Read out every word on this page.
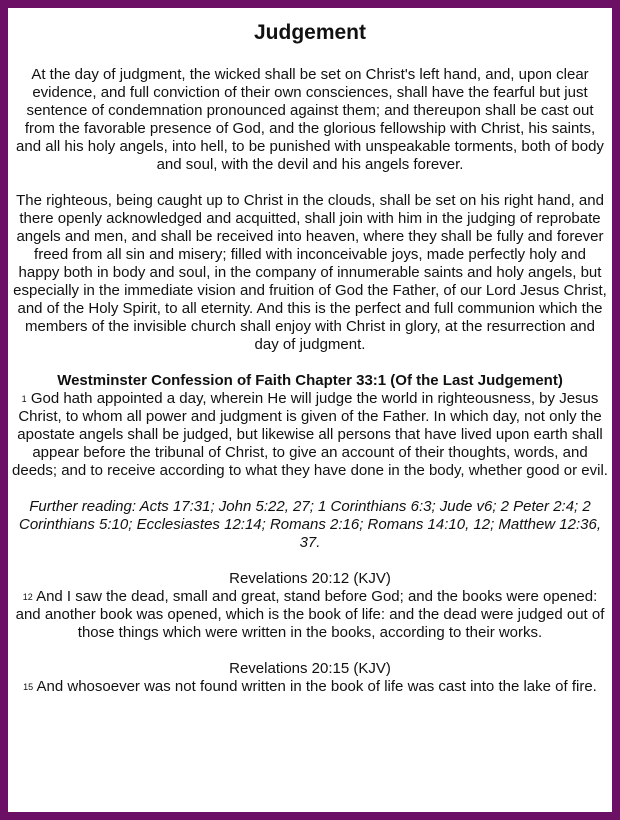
Judgement

At the day of judgment, the wicked shall be set on Christ's left hand, and, upon clear evidence, and full conviction of their own consciences, shall have the fearful but just sentence of condemnation pronounced against them; and thereupon shall be cast out from the favorable presence of God, and the glorious fellowship with Christ, his saints, and all his holy angels, into hell, to be punished with unspeakable torments, both of body and soul, with the devil and his angels forever.

The righteous, being caught up to Christ in the clouds, shall be set on his right hand, and there openly acknowledged and acquitted, shall join with him in the judging of reprobate angels and men, and shall be received into heaven, where they shall be fully and forever freed from all sin and misery; filled with inconceivable joys, made perfectly holy and happy both in body and soul, in the company of innumerable saints and holy angels, but especially in the immediate vision and fruition of God the Father, of our Lord Jesus Christ, and of the Holy Spirit, to all eternity. And this is the perfect and full communion which the members of the invisible church shall enjoy with Christ in glory, at the resurrection and day of judgment.

Westminster Confession of Faith Chapter 33:1 (Of the Last Judgement)

1 God hath appointed a day, wherein He will judge the world in righteousness, by Jesus Christ, to whom all power and judgment is given of the Father. In which day, not only the apostate angels shall be judged, but likewise all persons that have lived upon earth shall appear before the tribunal of Christ, to give an account of their thoughts, words, and deeds; and to receive according to what they have done in the body, whether good or evil.

Further reading: Acts 17:31; John 5:22, 27; 1 Corinthians 6:3; Jude v6; 2 Peter 2:4; 2 Corinthians 5:10; Ecclesiastes 12:14; Romans 2:16; Romans 14:10, 12; Matthew 12:36, 37.

Revelations 20:12 (KJV)

12 And I saw the dead, small and great, stand before God; and the books were opened: and another book was opened, which is the book of life: and the dead were judged out of those things which were written in the books, according to their works.

Revelations 20:15 (KJV)

15 And whosoever was not found written in the book of life was cast into the lake of fire.
